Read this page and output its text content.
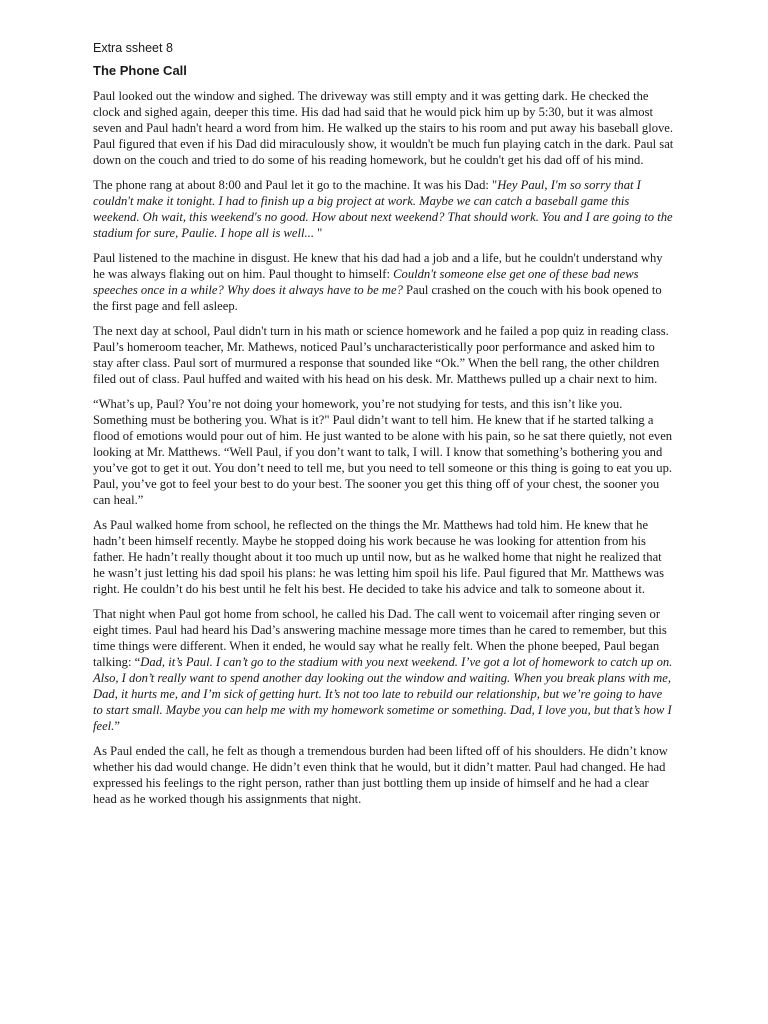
Extra ssheet 8
The Phone Call

Paul looked out the window and sighed. The driveway was still empty and it was getting dark. He checked the clock and sighed again, deeper this time. His dad had said that he would pick him up by 5:30, but it was almost seven and Paul hadn't heard a word from him. He walked up the stairs to his room and put away his baseball glove. Paul figured that even if his Dad did miraculously show, it wouldn't be much fun playing catch in the dark. Paul sat down on the couch and tried to do some of his reading homework, but he couldn't get his dad off of his mind.

The phone rang at about 8:00 and Paul let it go to the machine. It was his Dad: "Hey Paul, I'm so sorry that I couldn't make it tonight. I had to finish up a big project at work. Maybe we can catch a baseball game this weekend. Oh wait, this weekend's no good. How about next weekend? That should work. You and I are going to the stadium for sure, Paulie. I hope all is well... "

Paul listened to the machine in disgust. He knew that his dad had a job and a life, but he couldn't understand why he was always flaking out on him. Paul thought to himself: Couldn't someone else get one of these bad news speeches once in a while? Why does it always have to be me? Paul crashed on the couch with his book opened to the first page and fell asleep.

The next day at school, Paul didn't turn in his math or science homework and he failed a pop quiz in reading class. Paul’s homeroom teacher, Mr. Mathews, noticed Paul’s uncharacteristically poor performance and asked him to stay after class. Paul sort of murmured a response that sounded like “Ok.” When the bell rang, the other children filed out of class. Paul huffed and waited with his head on his desk. Mr. Matthews pulled up a chair next to him.

“What’s up, Paul? You’re not doing your homework, you’re not studying for tests, and this isn’t like you. Something must be bothering you. What is it?" Paul didn’t want to tell him. He knew that if he started talking a flood of emotions would pour out of him. He just wanted to be alone with his pain, so he sat there quietly, not even looking at Mr. Matthews. “Well Paul, if you don’t want to talk, I will. I know that something’s bothering you and you’ve got to get it out. You don’t need to tell me, but you need to tell someone or this thing is going to eat you up. Paul, you’ve got to feel your best to do your best. The sooner you get this thing off of your chest, the sooner you can heal.”

As Paul walked home from school, he reflected on the things the Mr. Matthews had told him. He knew that he hadn’t been himself recently. Maybe he stopped doing his work because he was looking for attention from his father. He hadn’t really thought about it too much up until now, but as he walked home that night he realized that he wasn’t just letting his dad spoil his plans: he was letting him spoil his life. Paul figured that Mr. Matthews was right. He couldn’t do his best until he felt his best. He decided to take his advice and talk to someone about it.

That night when Paul got home from school, he called his Dad. The call went to voicemail after ringing seven or eight times. Paul had heard his Dad’s answering machine message more times than he cared to remember, but this time things were different. When it ended, he would say what he really felt. When the phone beeped, Paul began talking: “Dad, it’s Paul. I can’t go to the stadium with you next weekend. I’ve got a lot of homework to catch up on. Also, I don’t really want to spend another day looking out the window and waiting. When you break plans with me, Dad, it hurts me, and I’m sick of getting hurt. It’s not too late to rebuild our relationship, but we’re going to have to start small. Maybe you can help me with my homework sometime or something. Dad, I love you, but that’s how I feel.”

As Paul ended the call, he felt as though a tremendous burden had been lifted off of his shoulders. He didn’t know whether his dad would change. He didn’t even think that he would, but it didn’t matter. Paul had changed. He had expressed his feelings to the right person, rather than just bottling them up inside of himself and he had a clear head as he worked though his assignments that night.
